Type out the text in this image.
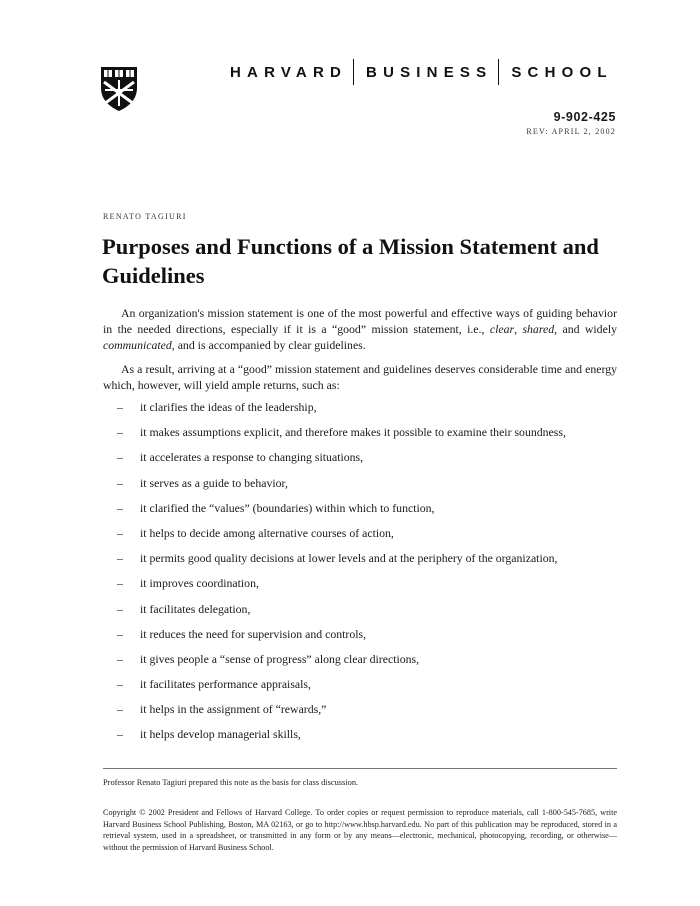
HARVARD BUSINESS SCHOOL
9-902-425
REV: APRIL 2, 2002
RENATO TAGIURI
Purposes and Functions of a Mission Statement and Guidelines
An organization's mission statement is one of the most powerful and effective ways of guiding behavior in the needed directions, especially if it is a “good” mission statement, i.e., clear, shared, and widely communicated, and is accompanied by clear guidelines.
As a result, arriving at a “good” mission statement and guidelines deserves considerable time and energy which, however, will yield ample returns, such as:
–	it clarifies the ideas of the leadership,
–	it makes assumptions explicit, and therefore makes it possible to examine their soundness,
–	it accelerates a response to changing situations,
–	it serves as a guide to behavior,
–	it clarified the “values” (boundaries) within which to function,
–	it helps to decide among alternative courses of action,
–	it permits good quality decisions at lower levels and at the periphery of the organization,
–	it improves coordination,
–	it facilitates delegation,
–	it reduces the need for supervision and controls,
–	it gives people a “sense of progress” along clear directions,
–	it facilitates performance appraisals,
–	it helps in the assignment of “rewards,”
–	it helps develop managerial skills,
Professor Renato Tagiuri prepared this note as the basis for class discussion.
Copyright © 2002 President and Fellows of Harvard College. To order copies or request permission to reproduce materials, call 1-800-545-7685, write Harvard Business School Publishing, Boston, MA 02163, or go to http://www.hbsp.harvard.edu. No part of this publication may be reproduced, stored in a retrieval system, used in a spreadsheet, or transmitted in any form or by any means—electronic, mechanical, photocopying, recording, or otherwise—without the permission of Harvard Business School.
